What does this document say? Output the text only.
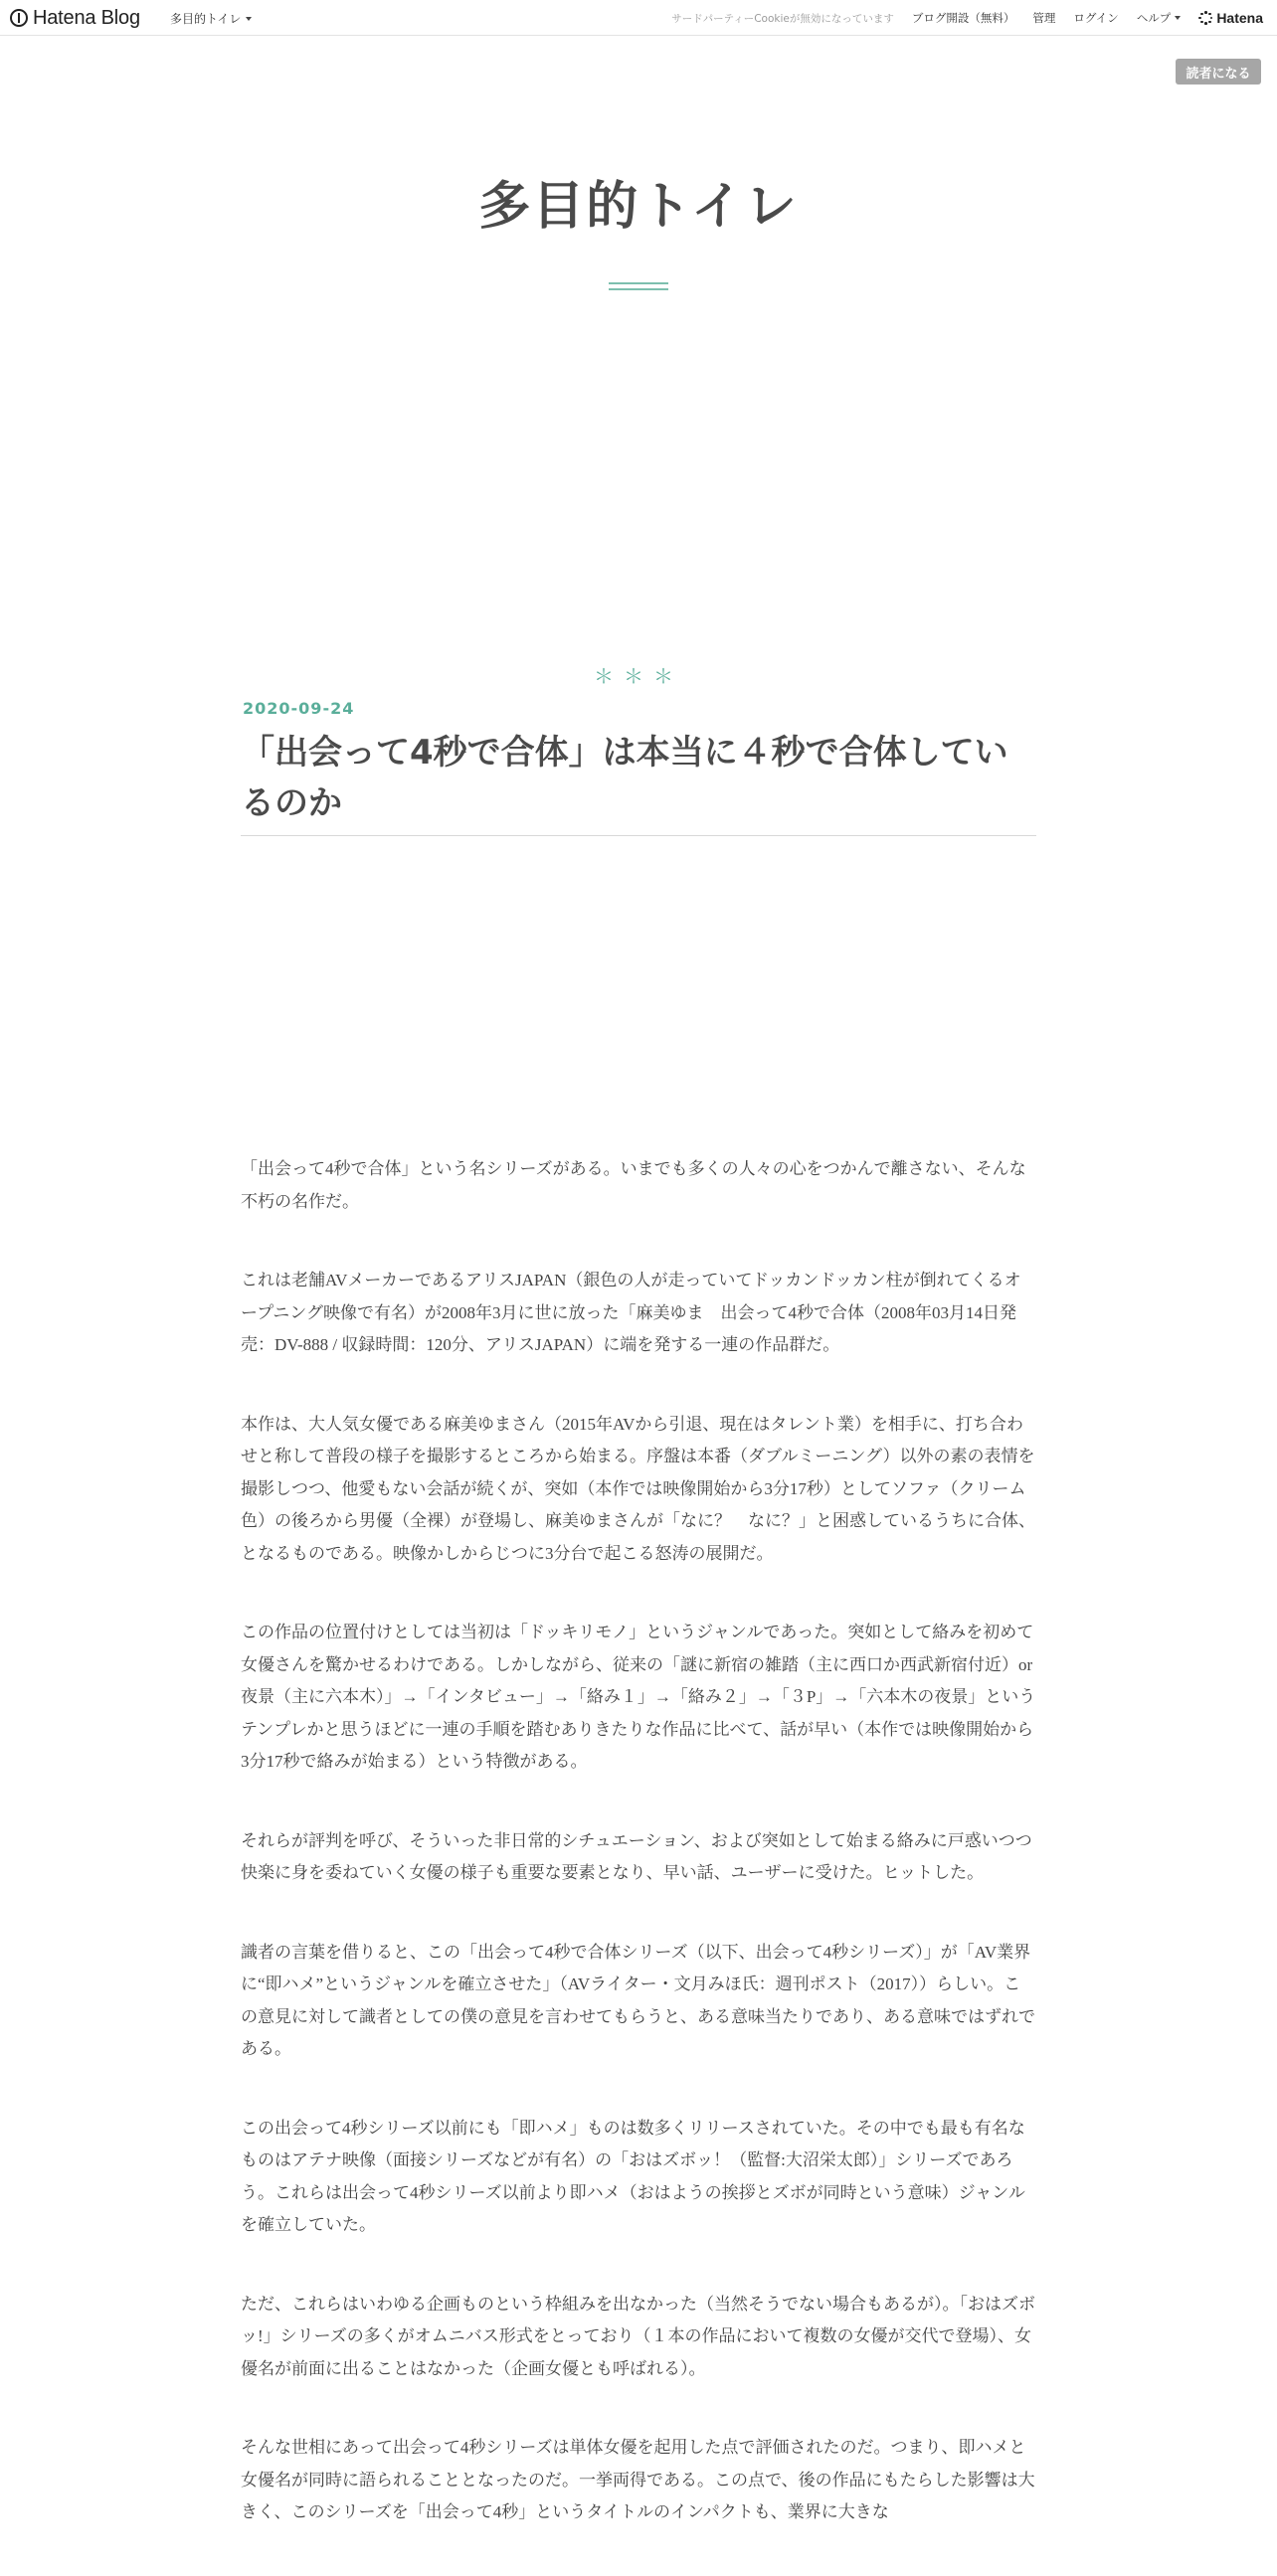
Hatena Blog	多目的トイレ	サードパーティーCookieが無効になっています ブログ開設（無料） 管理 ログイン ヘルプ	Hatena
読者になる
多目的トイレ
＊＊＊
2020-09-24
「出会って4秒で合体」は本当に４秒で合体しているのか

「出会って4秒で合体」という名シリーズがある。いまでも多くの人々の心をつかんで離さない、そんな不朽の名作だ。

これは老舗AVメーカーであるアリスJAPAN（銀色の人が走っていてドッカンドッカン柱が倒れてくるオープニング映像で有名）が2008年3月に世に放った「麻美ゆま　出会って4秒で合体（2008年03月14日発売：DV-888 / 収録時間：120分、アリスJAPAN）に端を発する一連の作品群だ。

本作は、大人気女優である麻美ゆまさん（2015年AVから引退、現在はタレント業）を相手に、打ち合わせと称して普段の様子を撮影するところから始まる。序盤は本番（ダブルミーニング）以外の素の表情を撮影しつつ、他愛もない会話が続くが、突如（本作では映像開始から3分17秒）としてソファ（クリーム色）の後ろから男優（全裸）が登場し、麻美ゆまさんが「なに？　なに？」と困惑しているうちに合体、となるものである。映像かしからじつに3分台で起こる怒涛の展開だ。

この作品の位置付けとしては当初は「ドッキリモノ」というジャンルであった。突如として絡みを初めて女優さんを驚かせるわけである。しかしながら、従来の「謎に新宿の雑踏（主に西口か西武新宿付近）or夜景（主に六本木）」→「インタビュー」→「絡み１」→「絡み２」→「３P」→「六本木の夜景」というテンプレかと思うほどに一連の手順を踏むありきたりな作品に比べて、話が早い（本作では映像開始から3分17秒で絡みが始まる）という特徴がある。

それらが評判を呼び、そういった非日常的シチュエーション、および突如として始まる絡みに戸惑いつつ快楽に身を委ねていく女優の様子も重要な要素となり、早い話、ユーザーに受けた。ヒットした。

識者の言葉を借りると、この「出会って4秒で合体シリーズ（以下、出会って4秒シリーズ）」が「AV業界に“即ハメ”というジャンルを確立させた」（AVライター・文月みほ氏：週刊ポスト（2017））らしい。この意見に対して識者としての僕の意見を言わせてもらうと、ある意味当たりであり、ある意味ではずれである。

この出会って4秒シリーズ以前にも「即ハメ」ものは数多くリリースされていた。その中でも最も有名なものはアテナ映像（面接シリーズなどが有名）の「おはズボッ！（監督:大沼栄太郎）」シリーズであろう。これらは出会って4秒シリーズ以前より即ハメ（おはようの挨拶とズボが同時という意味）ジャンルを確立していた。

ただ、これらはいわゆる企画ものという枠組みを出なかった（当然そうでない場合もあるが）。「おはズボッ!」シリーズの多くがオムニバス形式をとっており（１本の作品において複数の女優が交代で登場）、女優名が前面に出ることはなかった（企画女優とも呼ばれる）。

そんな世相にあって出会って4秒シリーズは単体女優を起用した点で評価されたのだ。つまり、即ハメと女優名が同時に語られることとなったのだ。一挙両得である。この点で、後の作品にもたらした影響は大きく、このシリーズを「出会って4秒」というタイトルのインパクトも、業界に大きな
